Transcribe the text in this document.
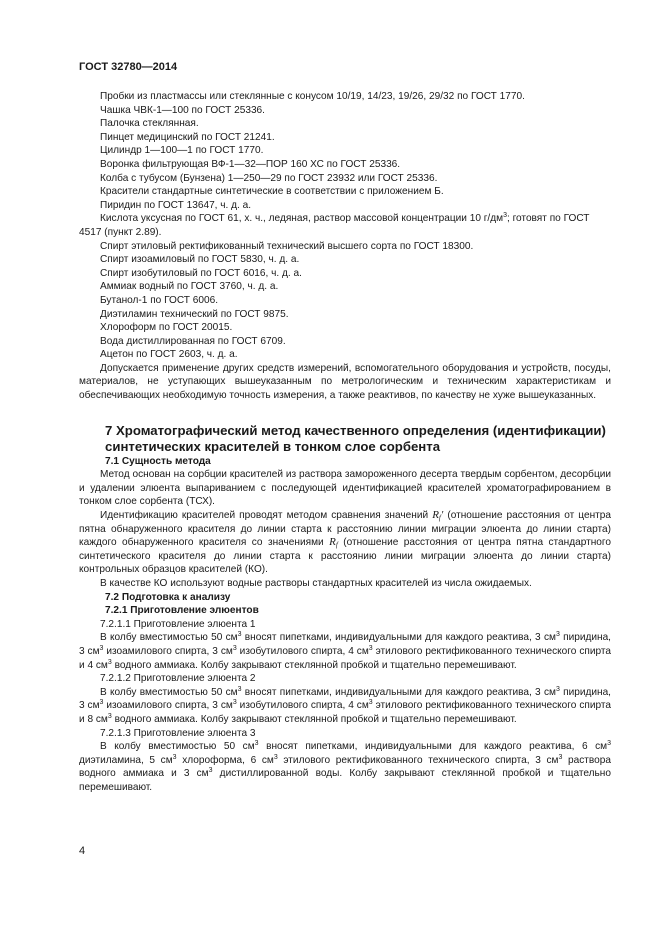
ГОСТ 32780—2014

Пробки из пластмассы или стеклянные с конусом 10/19, 14/23, 19/26, 29/32 по ГОСТ 1770.

Чашка ЧВК-1—100 по ГОСТ 25336.

Палочка стеклянная.

Пинцет медицинский по ГОСТ 21241.

Цилиндр 1—100—1 по ГОСТ 1770.

Воронка фильтрующая ВФ-1—32—ПОР 160 ХС по ГОСТ 25336.

Колба с тубусом (Бунзена) 1—250—29 по ГОСТ 23932 или ГОСТ 25336.

Красители стандартные синтетические в соответствии с приложением Б.

Пиридин по ГОСТ 13647, ч. д. а.

Кислота уксусная по ГОСТ 61, х. ч., ледяная, раствор массовой концентрации 10 $г/дм^3$; готовят по ГОСТ 4517 (пункт 2.89).

Спирт этиловый ректификованный технический высшего сорта по ГОСТ 18300.

Спирт изоамиловый по ГОСТ 5830, ч. д. а.

Спирт изобутиловый по ГОСТ 6016, ч. д. а.

Аммиак водный по ГОСТ 3760, ч. д. а.

Бутанол-1 по ГОСТ 6006.

Диэтиламин технический по ГОСТ 9875.

Хлороформ по ГОСТ 20015.

Вода дистиллированная по ГОСТ 6709.

Ацетон по ГОСТ 2603, ч. д. а.

Допускается применение других средств измерений, вспомогательного оборудования и устройств, посуды, материалов, не уступающих вышеуказанным по метрологическим и техническим характеристикам и обеспечивающих необходимую точность измерения, а также реактивов, по качеству не хуже вышеуказанных.

7 Хроматографический метод качественного определения (идентификации) синтетических красителей в тонком слое сорбента

7.1 Сущность метода

Метод основан на сорбции красителей из раствора замороженного десерта твердым сорбентом, десорбции и удалении элюента выпариванием с последующей идентификацией красителей хроматографированием в тонком слое сорбента (ТСХ).

Идентификацию красителей проводят методом сравнения значений $R_f'$ (отношение расстояния от центра пятна обнаруженного красителя до линии старта к расстоянию линии миграции элюента до линии старта) каждого обнаруженного красителя со значениями $R_f$ (отношение расстояния от центра пятна стандартного синтетического красителя до линии старта к расстоянию линии миграции элюента до линии старта) контрольных образцов красителей (КО).

В качестве КО используют водные растворы стандартных красителей из числа ожидаемых.

7.2 Подготовка к анализу

7.2.1 Приготовление элюентов

7.2.1.1 Приготовление элюента 1

В колбу вместимостью 50 $см^3$ вносят пипетками, индивидуальными для каждого реактива, 3 $см^3$ пиридина, 3 $см^3$ изоамилового спирта, 3 $см^3$ изобутилового спирта, 4 $см^3$ этилового ректификованного технического спирта и 4 $см^3$ водного аммиака. Колбу закрывают стеклянной пробкой и тщательно перемешивают.

7.2.1.2 Приготовление элюента 2

В колбу вместимостью 50 $см^3$ вносят пипетками, индивидуальными для каждого реактива, 3 $см^3$ пиридина, 3 $см^3$ изоамилового спирта, 3 $см^3$ изобутилового спирта, 4 $см^3$ этилового ректификованного технического спирта и 8 $см^3$ водного аммиака. Колбу закрывают стеклянной пробкой и тщательно перемешивают.

7.2.1.3 Приготовление элюента 3

В колбу вместимостью 50 $см^3$ вносят пипетками, индивидуальными для каждого реактива, 6 $см^3$ диэтиламина, 5 $см^3$ хлороформа, 6 $см^3$ этилового ректификованного технического спирта, 3 $см^3$ раствора водного аммиака и 3 $см^3$ дистиллированной воды. Колбу закрывают стеклянной пробкой и тщательно перемешивают.

4
